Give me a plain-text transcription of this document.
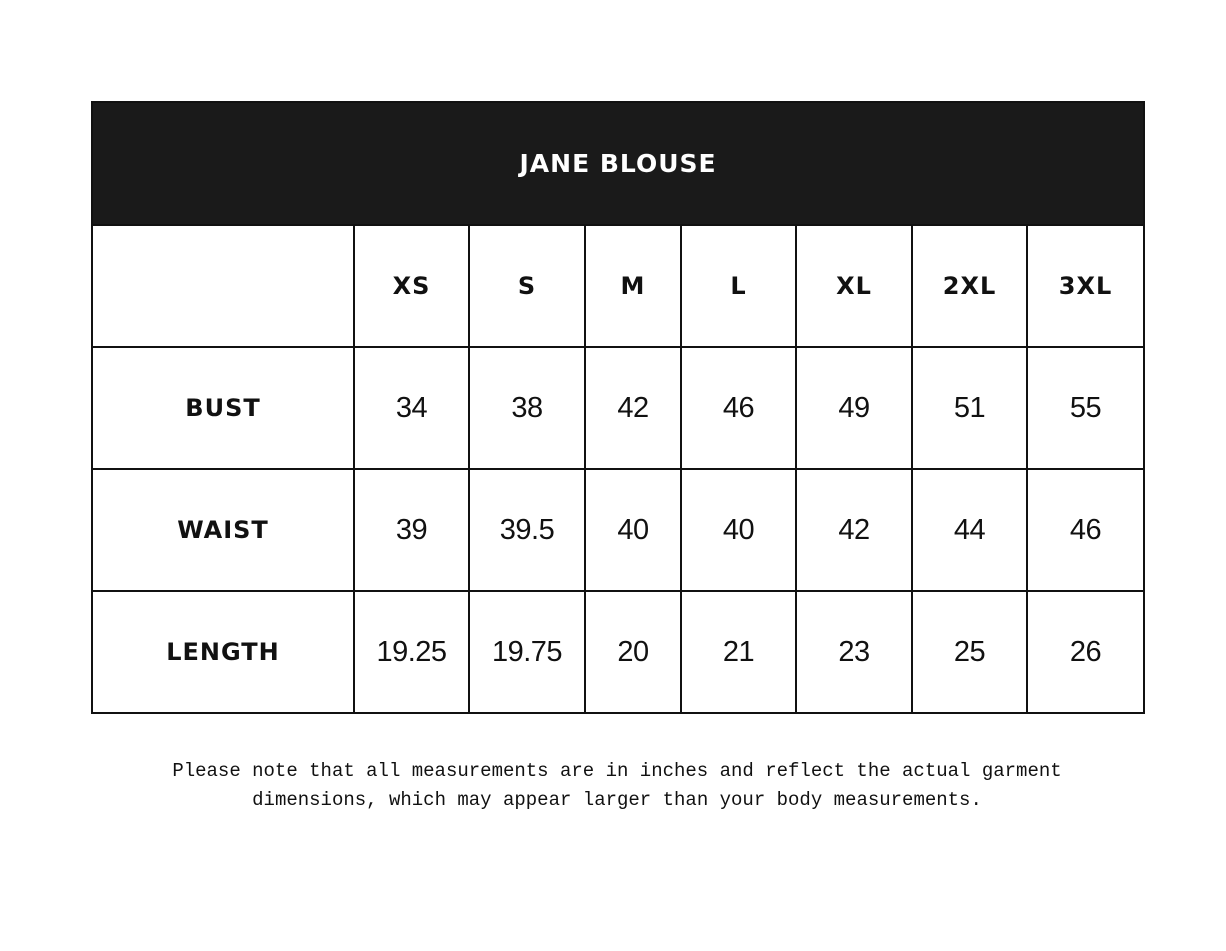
JANE BLOUSE							
	XS	S	M	L	XL	2XL	3XL
BUST	34	38	42	46	49	51	55
WAIST	39	39.5	40	40	42	44	46
LENGTH	19.25	19.75	20	21	23	25	26
Please note that all measurements are in inches and reflect the actual garment
dimensions, which may appear larger than your body measurements.
